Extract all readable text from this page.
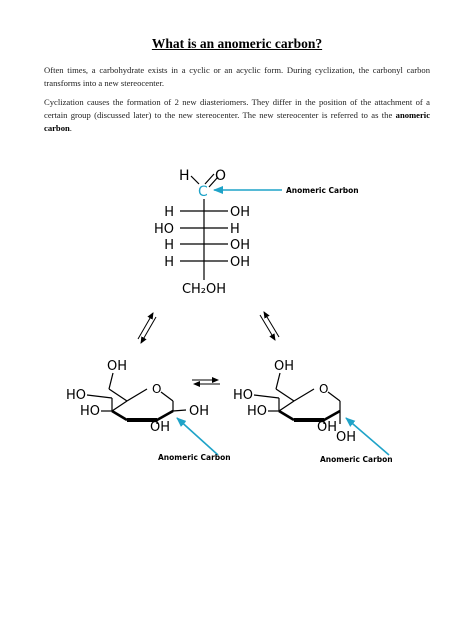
What is an anomeric carbon?
Often times, a carbohydrate exists in a cyclic or an acyclic form. During cyclization, the carbonyl carbon transforms into a new stereocenter.
Cyclization causes the formation of 2 new diasteriomers. They differ in the position of the attachment of a certain group (discussed later) to the new stereocenter. The new stereocenter is referred to as the anomeric carbon.
H O
C
H	OH
HO	H
H	OH
H	OH
CH₂OH
Anomeric Carbon
OH
O
HO
HO
OH
OH
Anomeric Carbon
OH
O
HO
HO
OH
OH
Anomeric Carbon
